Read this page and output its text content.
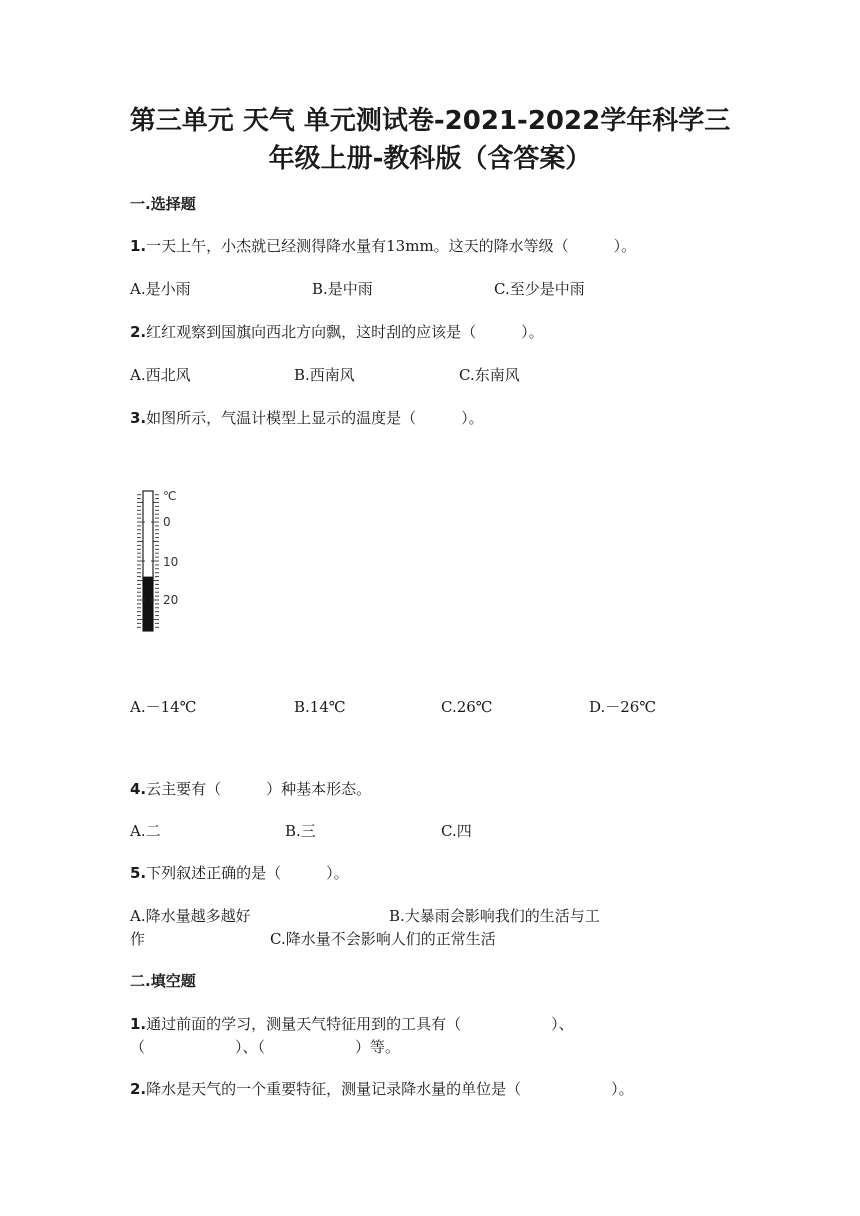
第三单元 天气 单元测试卷-2021-2022学年科学三
年级上册-教科版（含答案）
一.选择题
1.一天上午，小杰就已经测得降水量有13mm。这天的降水等级（　　　）。
A.是小雨	B.是中雨	C.至少是中雨
2.红红观察到国旗向西北方向飘，这时刮的应该是（　　　）。
A.西北风	B.西南风	C.东南风
3.如图所示，气温计模型上显示的温度是（　　　）。
℃
0
10
20
A.－14℃	B.14℃	C.26℃	D.－26℃
4.云主要有（　　　）种基本形态。
A.二	B.三	C.四
5.下列叙述正确的是（　　　）。
A.降水量越多越好	B.大暴雨会影响我们的生活与工
作	C.降水量不会影响人们的正常生活
二.填空题
1.通过前面的学习，测量天气特征用到的工具有（　　　　　　）、
（　　　　　　）、（　　　　　　）等。
2.降水是天气的一个重要特征，测量记录降水量的单位是（　　　　　　）。
